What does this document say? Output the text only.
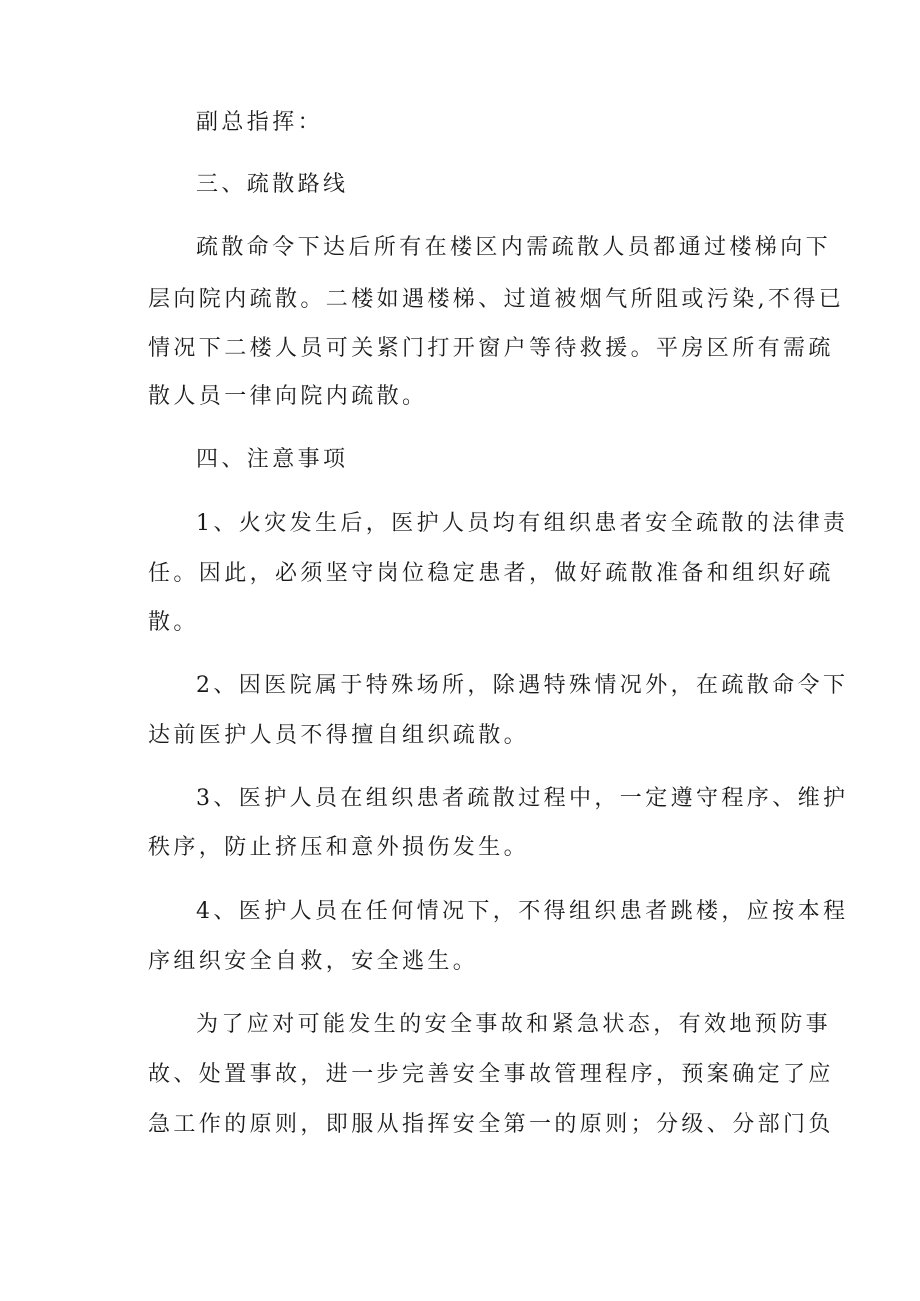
副总指挥：
三、疏散路线
疏散命令下达后所有在楼区内需疏散人员都通过楼梯向下
层向院内疏散。二楼如遇楼梯、过道被烟气所阻或污染,不得已
情况下二楼人员可关紧门打开窗户等待救援。平房区所有需疏
散人员一律向院内疏散。
四、注意事项
1、火灾发生后，医护人员均有组织患者安全疏散的法律责
任。因此，必须坚守岗位稳定患者，做好疏散准备和组织好疏
散。
2、因医院属于特殊场所，除遇特殊情况外，在疏散命令下
达前医护人员不得擅自组织疏散。
3、医护人员在组织患者疏散过程中，一定遵守程序、维护
秩序，防止挤压和意外损伤发生。
4、医护人员在任何情况下，不得组织患者跳楼，应按本程
序组织安全自救，安全逃生。
为了应对可能发生的安全事故和紧急状态，有效地预防事
故、处置事故，进一步完善安全事故管理程序，预案确定了应
急工作的原则，即服从指挥安全第一的原则；分级、分部门负
